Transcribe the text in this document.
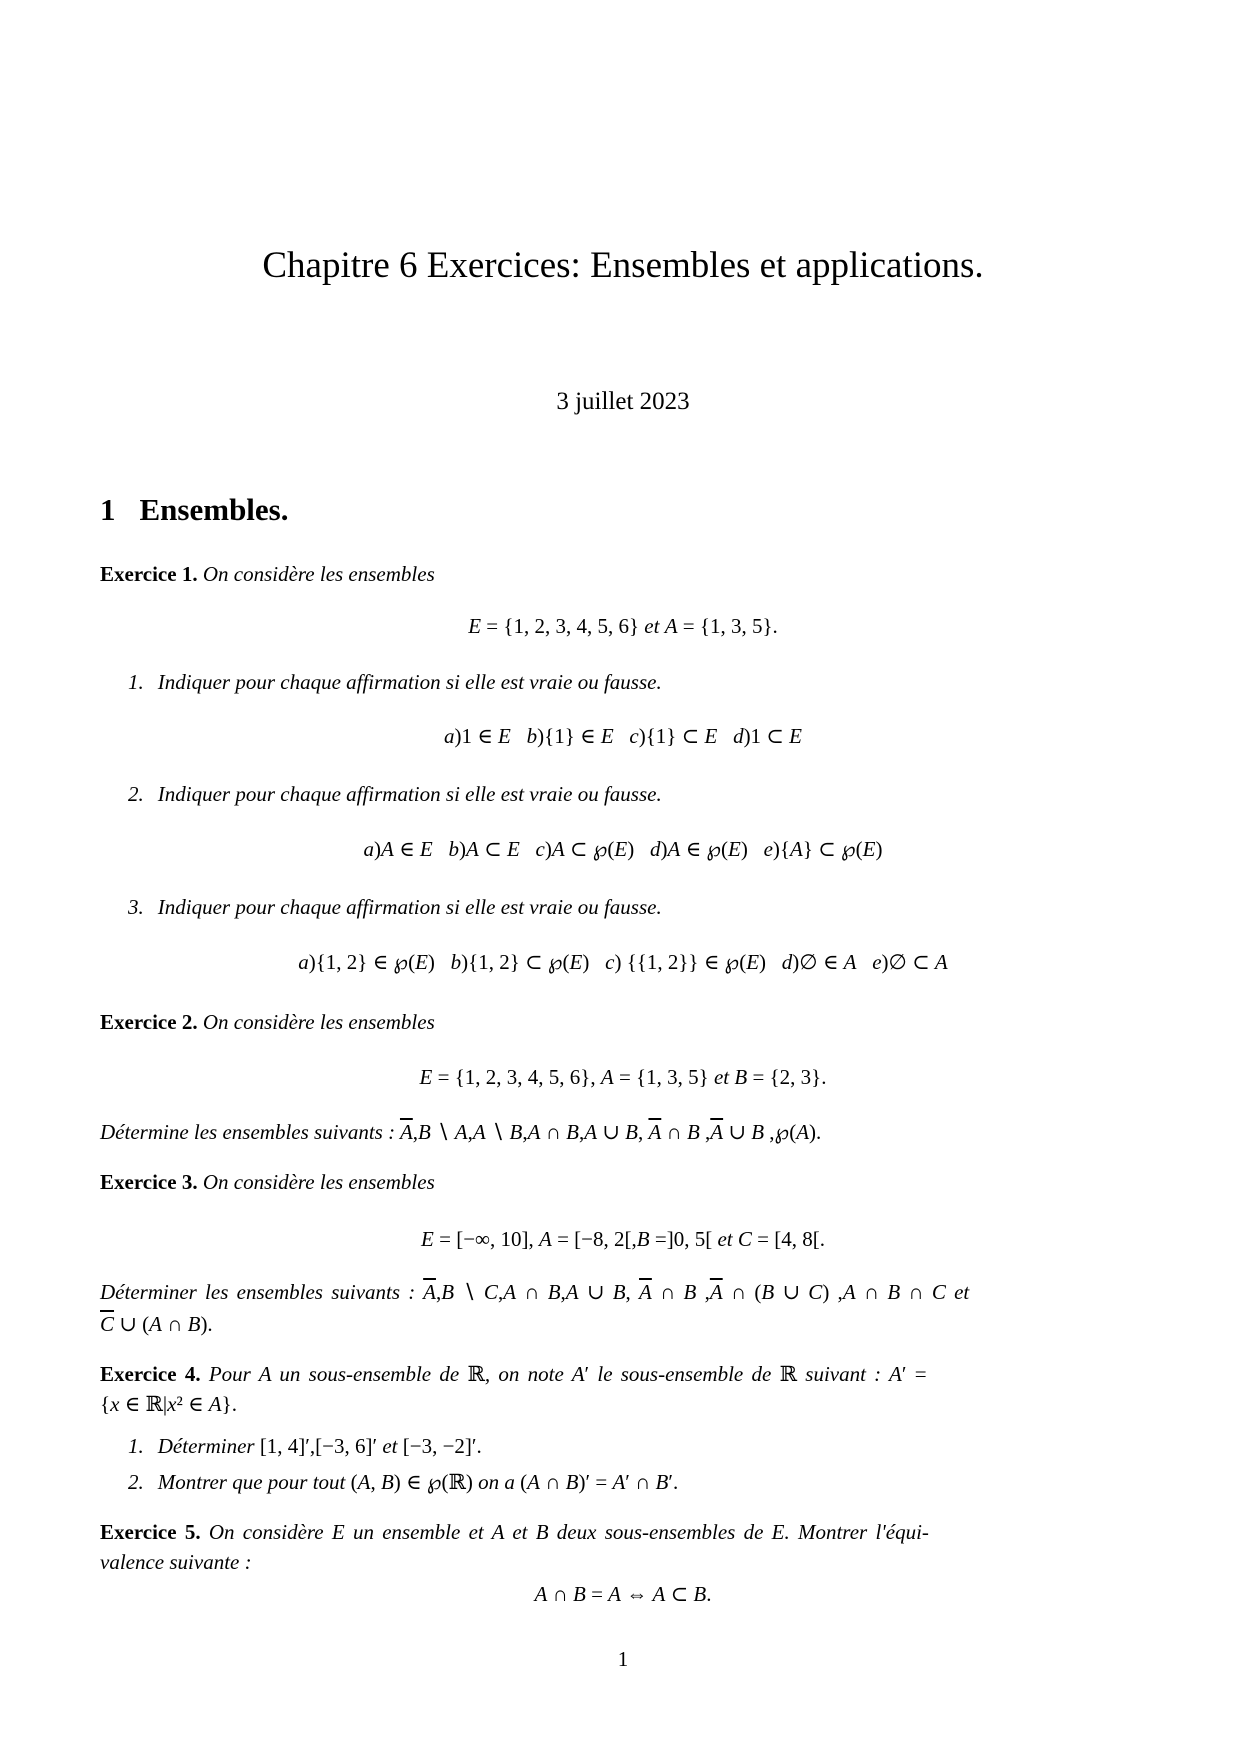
Chapitre 6 Exercices: Ensembles et applications.
3 juillet 2023
1 Ensembles.
Exercice 1. On considère les ensembles
E = {1, 2, 3, 4, 5, 6} et A = {1, 3, 5}.
1. Indiquer pour chaque affirmation si elle est vraie ou fausse.
a)1 ∈ E b){1} ∈ E c){1} ⊂ E d)1 ⊂ E
2. Indiquer pour chaque affirmation si elle est vraie ou fausse.
a)A ∈ E b)A ⊂ E c)A ⊂ ℘(E)   d)A ∈ ℘(E)   e){A} ⊂ ℘(E)
3. Indiquer pour chaque affirmation si elle est vraie ou fausse.
a){1, 2} ∈ ℘(E)   b){1, 2} ⊂ ℘(E)   c) {{1, 2}} ∈ ℘(E)   d)∅ ∈ A e)∅ ⊂ A
Exercice 2. On considère les ensembles
E = {1, 2, 3, 4, 5, 6}, A = {1, 3, 5} et B = {2, 3}.
Détermine les ensembles suivants : $\overline{A},B$ ∖ A,A ∖ B,A ∩ B,A ∪ B, $\overline{A}$ ∩ B $,\overline{A}$ ∪ B ,℘(A).
Exercice 3. On considère les ensembles
E = [−∞, 10], A = [−8, 2[,B =]0, 5[ et C = [4, 8[.
Déterminer les ensembles suivants : $\overline{A},B$ ∖ C,A ∩ B,A ∪ B, $\overline{A}$ ∩ B $,\overline{A}$ ∩ (B ∪ C) ,A ∩ B ∩ C et
$\overline{C}$ ∪ (A ∩ B).
Exercice 4. Pour A un sous-ensemble de ℝ, on note A′ le sous-ensemble de ℝ suivant : A′ =
{x ∈ ℝ|x² ∈ A}.
1. Déterminer [1, 4]′,[−3, 6]′ et [−3, −2]′.
2. Montrer que pour tout (A, B) ∈ ℘(ℝ) on a (A ∩ B)′ = A′ ∩ B′.
Exercice 5. On considère E un ensemble et A et B deux sous-ensembles de E. Montrer l'équi-
valence suivante :
A ∩ B = A ⇔ A ⊂ B.
1
